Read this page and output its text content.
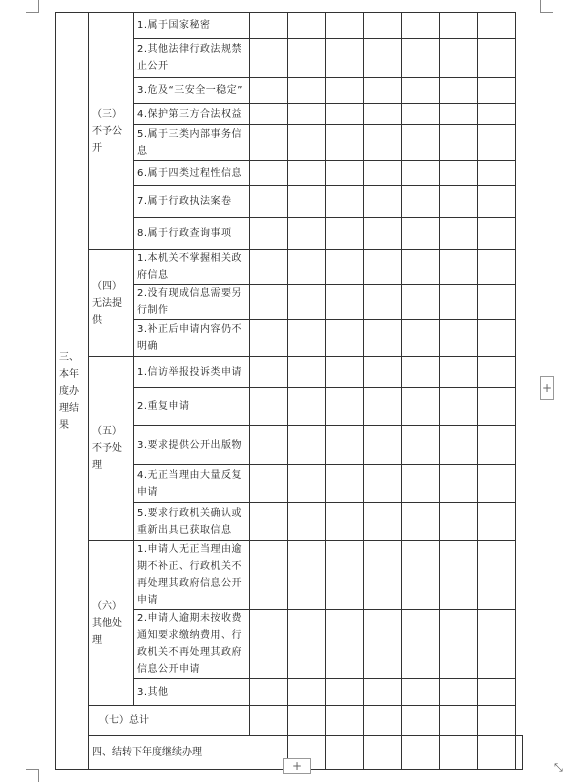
三、本年度办理结果	（三）不予公开	1.属于国家秘密								
		2.其他法律行政法规禁止公开								
		3.危及“三安全一稳定”								
		4.保护第三方合法权益								
		5.属于三类内部事务信息								
		6.属于四类过程性信息								
		7.属于行政执法案卷								
		8.属于行政查询事项								
	（四）无法提供	1.本机关不掌握相关政府信息								
		2.没有现成信息需要另行制作								
		3.补正后申请内容仍不明确								
	（五）不予处理	1.信访举报投诉类申请								
		2.重复申请								
		3.要求提供公开出版物								
		4.无正当理由大量反复申请								
		5.要求行政机关确认或重新出具已获取信息								
	（六）其他处理	1.申请人无正当理由逾期不补正、行政机关不再处理其政府信息公开申请								
		2.申请人逾期未按收费通知要求缴纳费用、行政机关不再处理其政府信息公开申请								
		3.其他								
	（七）总计									
	四、结转下年度继续办理									
+
+	⤡
